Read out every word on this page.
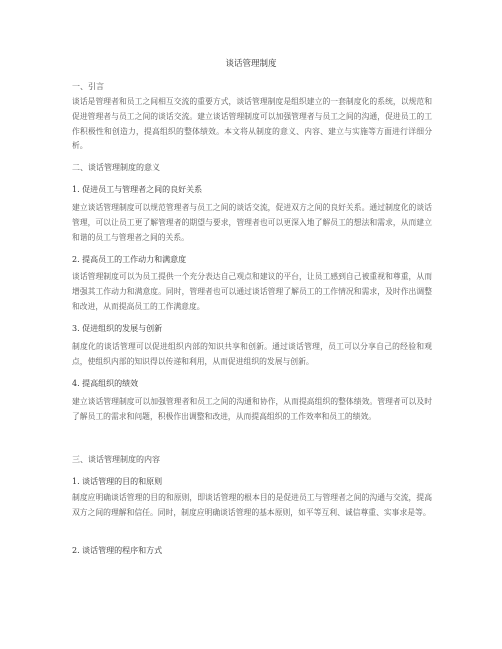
谈话管理制度
一、引言
谈话是管理者和员工之间相互交流的重要方式，谈话管理制度是组织建立的一套制度化的系统，以规范和促进管理者与员工之间的谈话交流。建立谈话管理制度可以加强管理者与员工之间的沟通，促进员工的工作积极性和创造力，提高组织的整体绩效。本文将从制度的意义、内容、建立与实施等方面进行详细分析。
二、谈话管理制度的意义
1. 促进员工与管理者之间的良好关系
建立谈话管理制度可以规范管理者与员工之间的谈话交流，促进双方之间的良好关系。通过制度化的谈话管理，可以让员工更了解管理者的期望与要求，管理者也可以更深入地了解员工的想法和需求，从而建立和谐的员工与管理者之间的关系。
2. 提高员工的工作动力和满意度
谈话管理制度可以为员工提供一个充分表达自己观点和建议的平台，让员工感到自己被重视和尊重，从而增强其工作动力和满意度。同时，管理者也可以通过谈话管理了解员工的工作情况和需求，及时作出调整和改进，从而提高员工的工作满意度。
3. 促进组织的发展与创新
制度化的谈话管理可以促进组织内部的知识共享和创新。通过谈话管理，员工可以分享自己的经验和观点，使组织内部的知识得以传递和利用，从而促进组织的发展与创新。
4. 提高组织的绩效
建立谈话管理制度可以加强管理者和员工之间的沟通和协作，从而提高组织的整体绩效。管理者可以及时了解员工的需求和问题，积极作出调整和改进，从而提高组织的工作效率和员工的绩效。
三、谈话管理制度的内容
1. 谈话管理的目的和原则
制度应明确谈话管理的目的和原则，即谈话管理的根本目的是促进员工与管理者之间的沟通与交流，提高双方之间的理解和信任。同时，制度应明确谈话管理的基本原则，如平等互利、诚信尊重、实事求是等。
2. 谈话管理的程序和方式
